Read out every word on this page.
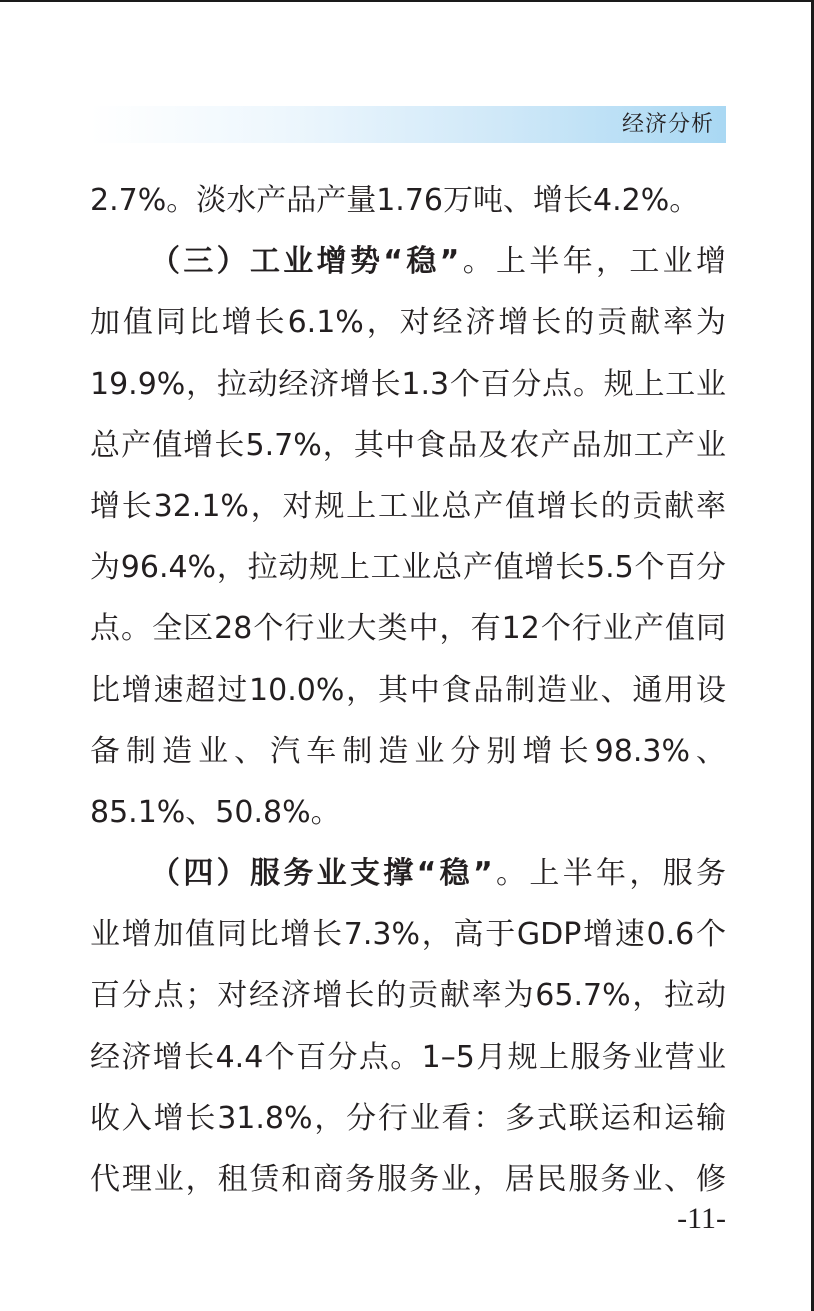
经济分析
2.7%。淡水产品产量1.76万吨、增长4.2%。
（三）工业增势“稳”。上半年，工业增
加值同比增长6.1%，对经济增长的贡献率为
19.9%，拉动经济增长1.3个百分点。规上工业
总产值增长5.7%，其中食品及农产品加工产业
增长32.1%，对规上工业总产值增长的贡献率
为96.4%，拉动规上工业总产值增长5.5个百分
点。全区28个行业大类中，有12个行业产值同
比增速超过10.0%，其中食品制造业、通用设
备制造业、汽车制造业分别增长98.3%、
85.1%、50.8%。
（四）服务业支撑“稳”。上半年，服务
业增加值同比增长7.3%，高于GDP增速0.6个
百分点；对经济增长的贡献率为65.7%，拉动
经济增长4.4个百分点。1–5月规上服务业营业
收入增长31.8%，分行业看：多式联运和运输
代理业，租赁和商务服务业，居民服务业、修
-11-
